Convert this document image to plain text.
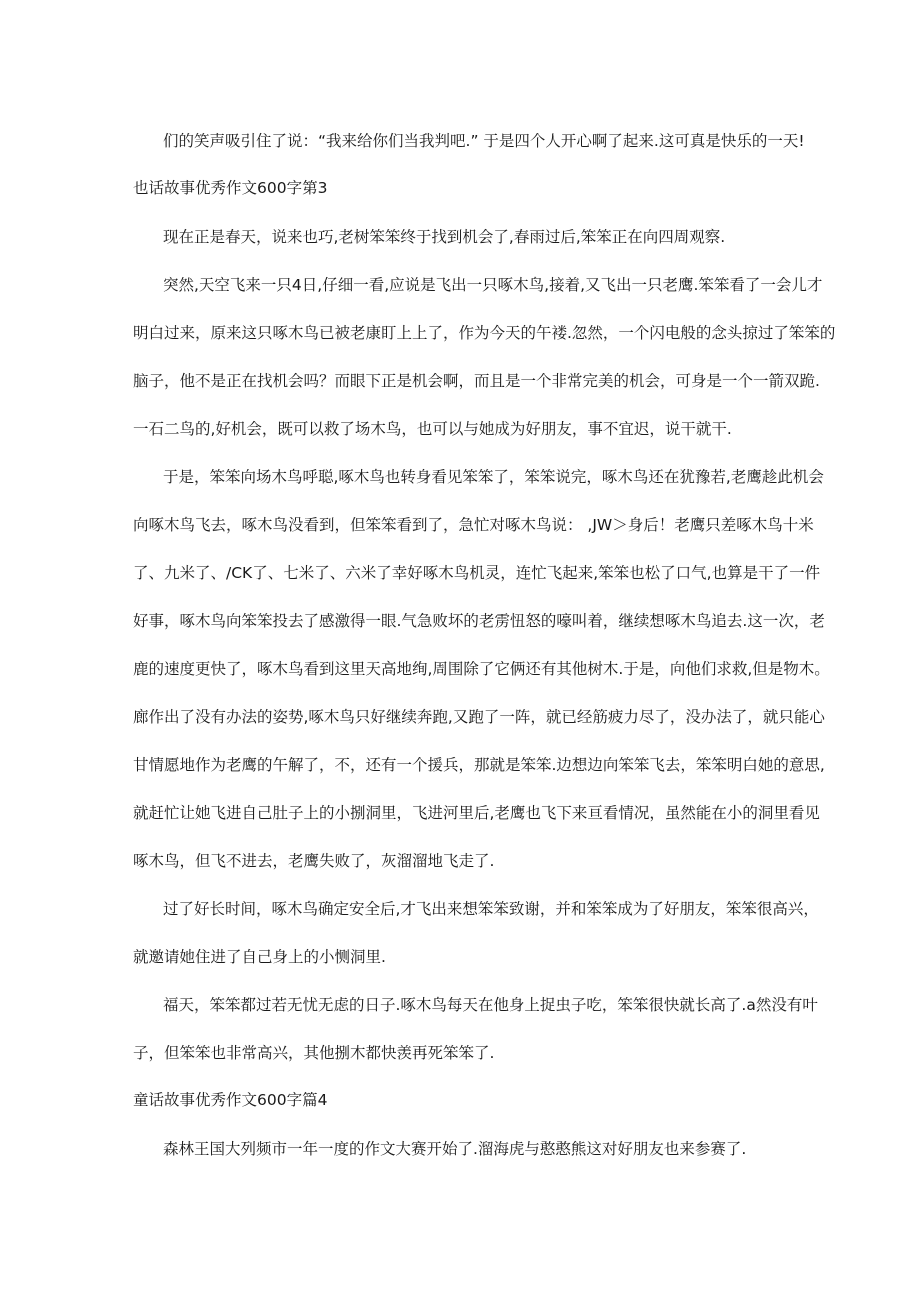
们的笑声吸引住了说：“我来给你们当我判吧.” 于是四个人开心啊了起来.这可真是快乐的一天!
也话故事优秀作文600字第3
现在正是春天，说来也巧,老树笨笨终于找到机会了,春雨过后,笨笨正在向四周观察.
突然,天空飞来一只4日,仔细一看,应说是飞出一只啄木鸟,接着,又飞出一只老鹰.笨笨看了一会儿才
明白过来，原来这只啄木鸟已被老康盯上上了，作为今天的午褛.忽然，一个闪电般的念头掠过了笨笨的
脑子，他不是正在找机会吗？而眼下正是机会啊，而且是一个非常完美的机会，可身是一个一箭双跪.
一石二鸟的,好机会，既可以救了场木鸟，也可以与她成为好朋友，事不宜迟，说干就干.
于是，笨笨向场木鸟呼聪,啄木鸟也转身看见笨笨了，笨笨说完，啄木鸟还在犹豫若,老鹰趁此机会
向啄木鸟飞去，啄木鸟没看到，但笨笨看到了，急忙对啄木鸟说： ,JW＞身后！老鹰只差啄木鸟十米
了、九米了、/CK了、七米了、六米了幸好啄木鸟机灵，连忙飞起来,笨笨也松了口气,也算是干了一件
好事，啄木鸟向笨笨投去了感激得一眼.气急败坏的老雳忸怒的嚎叫着，继续想啄木鸟追去.这一次，老
鹿的速度更快了，啄木鸟看到这里天高地绚,周围除了它俩还有其他树木.于是，向他们求救,但是物木。
廊作出了没有办法的姿势,啄木鸟只好继续奔跑,又跑了一阵，就已经筋疲力尽了，没办法了，就只能心
甘情愿地作为老鹰的午解了，不，还有一个援兵，那就是笨笨.边想边向笨笨飞去，笨笨明白她的意思,
就赶忙让她飞进自己肚子上的小捌洞里，飞进河里后,老鹰也飞下来亘看情况，虽然能在小的洞里看见
啄木鸟，但飞不进去，老鹰失败了，灰溜溜地飞走了.
过了好长时间，啄木鸟确定安全后,才飞出来想笨笨致谢，并和笨笨成为了好朋友，笨笨很高兴，
就邀请她住进了自己身上的小恻洞里.
福天，笨笨都过若无忧无虑的日子.啄木鸟每天在他身上捉虫子吃，笨笨很快就长高了.a然没有叶
子，但笨笨也非常高兴，其他捌木都快羡再死笨笨了.
童话故事优秀作文600字篇4
森林王国大列频市一年一度的作文大赛开始了.溜海虎与憨憨熊这对好朋友也来参赛了.
